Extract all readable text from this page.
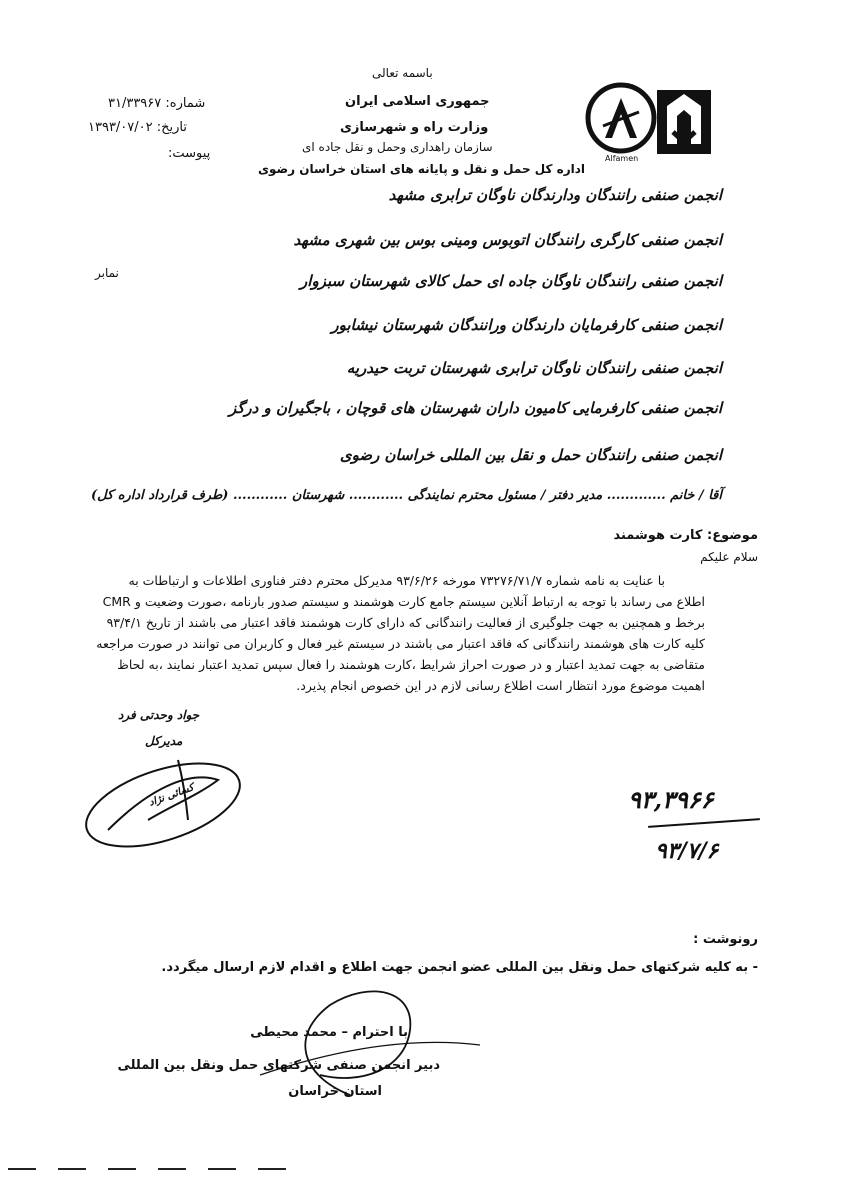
Alfamen
باسمه تعالی
جمهوری اسلامی ایران
وزارت راه و شهرسازی
سازمان راهداری وحمل و نقل جاده ای
اداره کل حمل و نقل و پایانه های استان خراسان رضوی
شماره: ۳۱/۳۳۹۶۷
تاریخ: ۱۳۹۳/۰۷/۰۲
پیوست:
نمابر
انجمن صنفی رانندگان ودارندگان ناوگان ترابری مشهد
انجمن صنفی کارگری رانندگان اتوبوس ومینی بوس بین شهری مشهد
انجمن صنفی رانندگان ناوگان جاده ای حمل کالای شهرستان سبزوار
انجمن صنفی کارفرمایان دارندگان ورانندگان شهرستان نیشابور
انجمن صنفی رانندگان ناوگان ترابری شهرستان تربت حیدریه
انجمن صنفی کارفرمایی کامیون داران شهرستان های قوچان ، باجگیران و درگز
انجمن صنفی رانندگان حمل و نقل بین المللی خراسان رضوی
آقا / خانم ............. مدیر دفتر / مسئول محترم نمایندگی ............ شهرستان ............ (طرف قرارداد اداره کل)
موضوع: کارت هوشمند
سلام علیکم

با عنایت به نامه شماره ۷۳۲۷۶/۷۱/۷ مورخه ۹۳/۶/۲۶ مدیرکل محترم دفتر فناوری اطلاعات و ارتباطات به

اطلاع می رساند با توجه به ارتباط آنلاین سیستم جامع کارت هوشمند و سیستم صدور بارنامه ،صورت وضعیت و CMR

برخط و همچنین به جهت جلوگیری از فعالیت رانندگانی که دارای کارت هوشمند فاقد اعتبار می باشند از تاریخ ۹۳/۴/۱

کلیه کارت های هوشمند رانندگانی که فاقد اعتبار می باشند در سیستم غیر فعال و کاربران می توانند در صورت مراجعه

متقاضی به جهت تمدید اعتبار و در صورت احراز شرایط ،کارت هوشمند را فعال سپس تمدید اعتبار نمایند ،به لحاظ

اهمیت موضوع مورد انتظار است اطلاع رسانی لازم در این خصوص انجام پذیرد.

جواد وحدتی فرد
مدیرکل
کسائی نژاد	۹۳,۳۹۶۶
۹۳/۷/۶
رونوشت :
- به کلیه شرکتهای حمل ونقل بین المللی عضو انجمن جهت اطلاع و اقدام لازم ارسال میگردد.
با احترام – محمد محیطی
دبیر انجمن صنفی شرکتهای حمل ونقل بین المللی
استان خراسان
